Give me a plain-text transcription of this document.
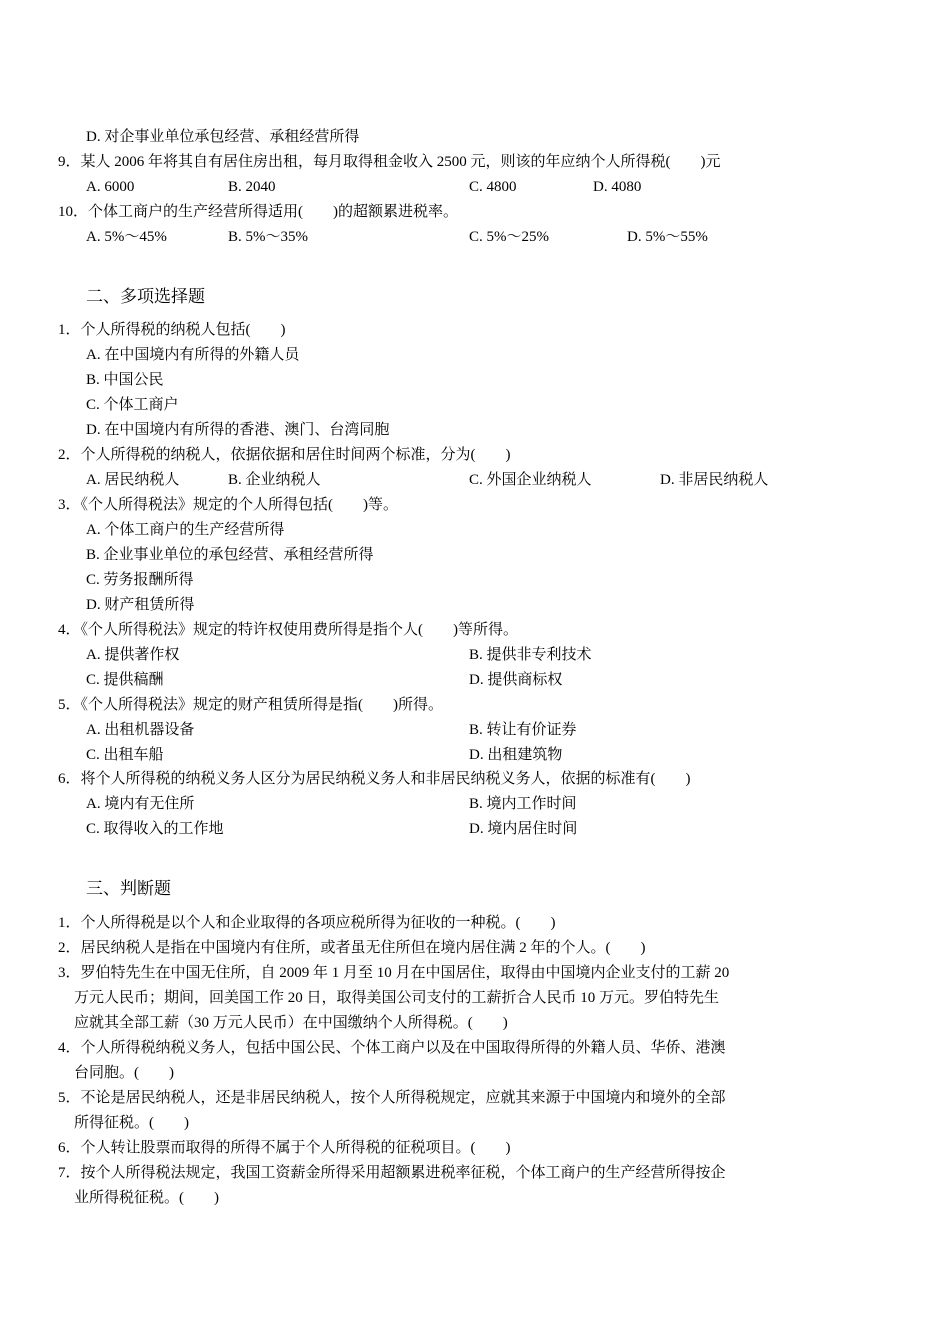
D. 对企事业单位承包经营、承租经营所得
9．某人 2006 年将其自有居住房出租，每月取得租金收入 2500 元，则该的年应纳个人所得税(　　)元
A. 6000	B. 2040	C. 4800	D. 4080
10．个体工商户的生产经营所得适用(　　)的超额累进税率。
A. 5%～45%	B. 5%～35%	C. 5%～25%	D. 5%～55%
二、多项选择题
1．个人所得税的纳税人包括(　　)
A. 在中国境内有所得的外籍人员
B. 中国公民
C. 个体工商户
D. 在中国境内有所得的香港、澳门、台湾同胞
2．个人所得税的纳税人，依据依据和居住时间两个标准，分为(　　)
A. 居民纳税人	B. 企业纳税人	C. 外国企业纳税人	D. 非居民纳税人
3．《个人所得税法》规定的个人所得包括(　　)等。
A. 个体工商户的生产经营所得
B. 企业事业单位的承包经营、承租经营所得
C. 劳务报酬所得
D. 财产租赁所得
4．《个人所得税法》规定的特许权使用费所得是指个人(　　)等所得。
A. 提供著作权	B. 提供非专利技术
C. 提供稿酬	D. 提供商标权
5．《个人所得税法》规定的财产租赁所得是指(　　)所得。
A. 出租机器设备	B. 转让有价证券
C. 出租车船	D. 出租建筑物
6．将个人所得税的纳税义务人区分为居民纳税义务人和非居民纳税义务人，依据的标准有(　　)
A. 境内有无住所	B. 境内工作时间
C. 取得收入的工作地	D. 境内居住时间
三、判断题
1．个人所得税是以个人和企业取得的各项应税所得为征收的一种税。(　　)
2．居民纳税人是指在中国境内有住所，或者虽无住所但在境内居住满 2 年的个人。(　　)
3．罗伯特先生在中国无住所，自 2009 年 1 月至 10 月在中国居住，取得由中国境内企业支付的工薪 20
万元人民币；期间，回美国工作 20 日，取得美国公司支付的工薪折合人民币 10 万元。罗伯特先生
应就其全部工薪（30 万元人民币）在中国缴纳个人所得税。(　　)
4．个人所得税纳税义务人，包括中国公民、个体工商户以及在中国取得所得的外籍人员、华侨、港澳
台同胞。(　　)
5．不论是居民纳税人，还是非居民纳税人，按个人所得税规定，应就其来源于中国境内和境外的全部
所得征税。(　　)
6．个人转让股票而取得的所得不属于个人所得税的征税项目。(　　)
7．按个人所得税法规定，我国工资薪金所得采用超额累进税率征税，个体工商户的生产经营所得按企
业所得税征税。(　　)
